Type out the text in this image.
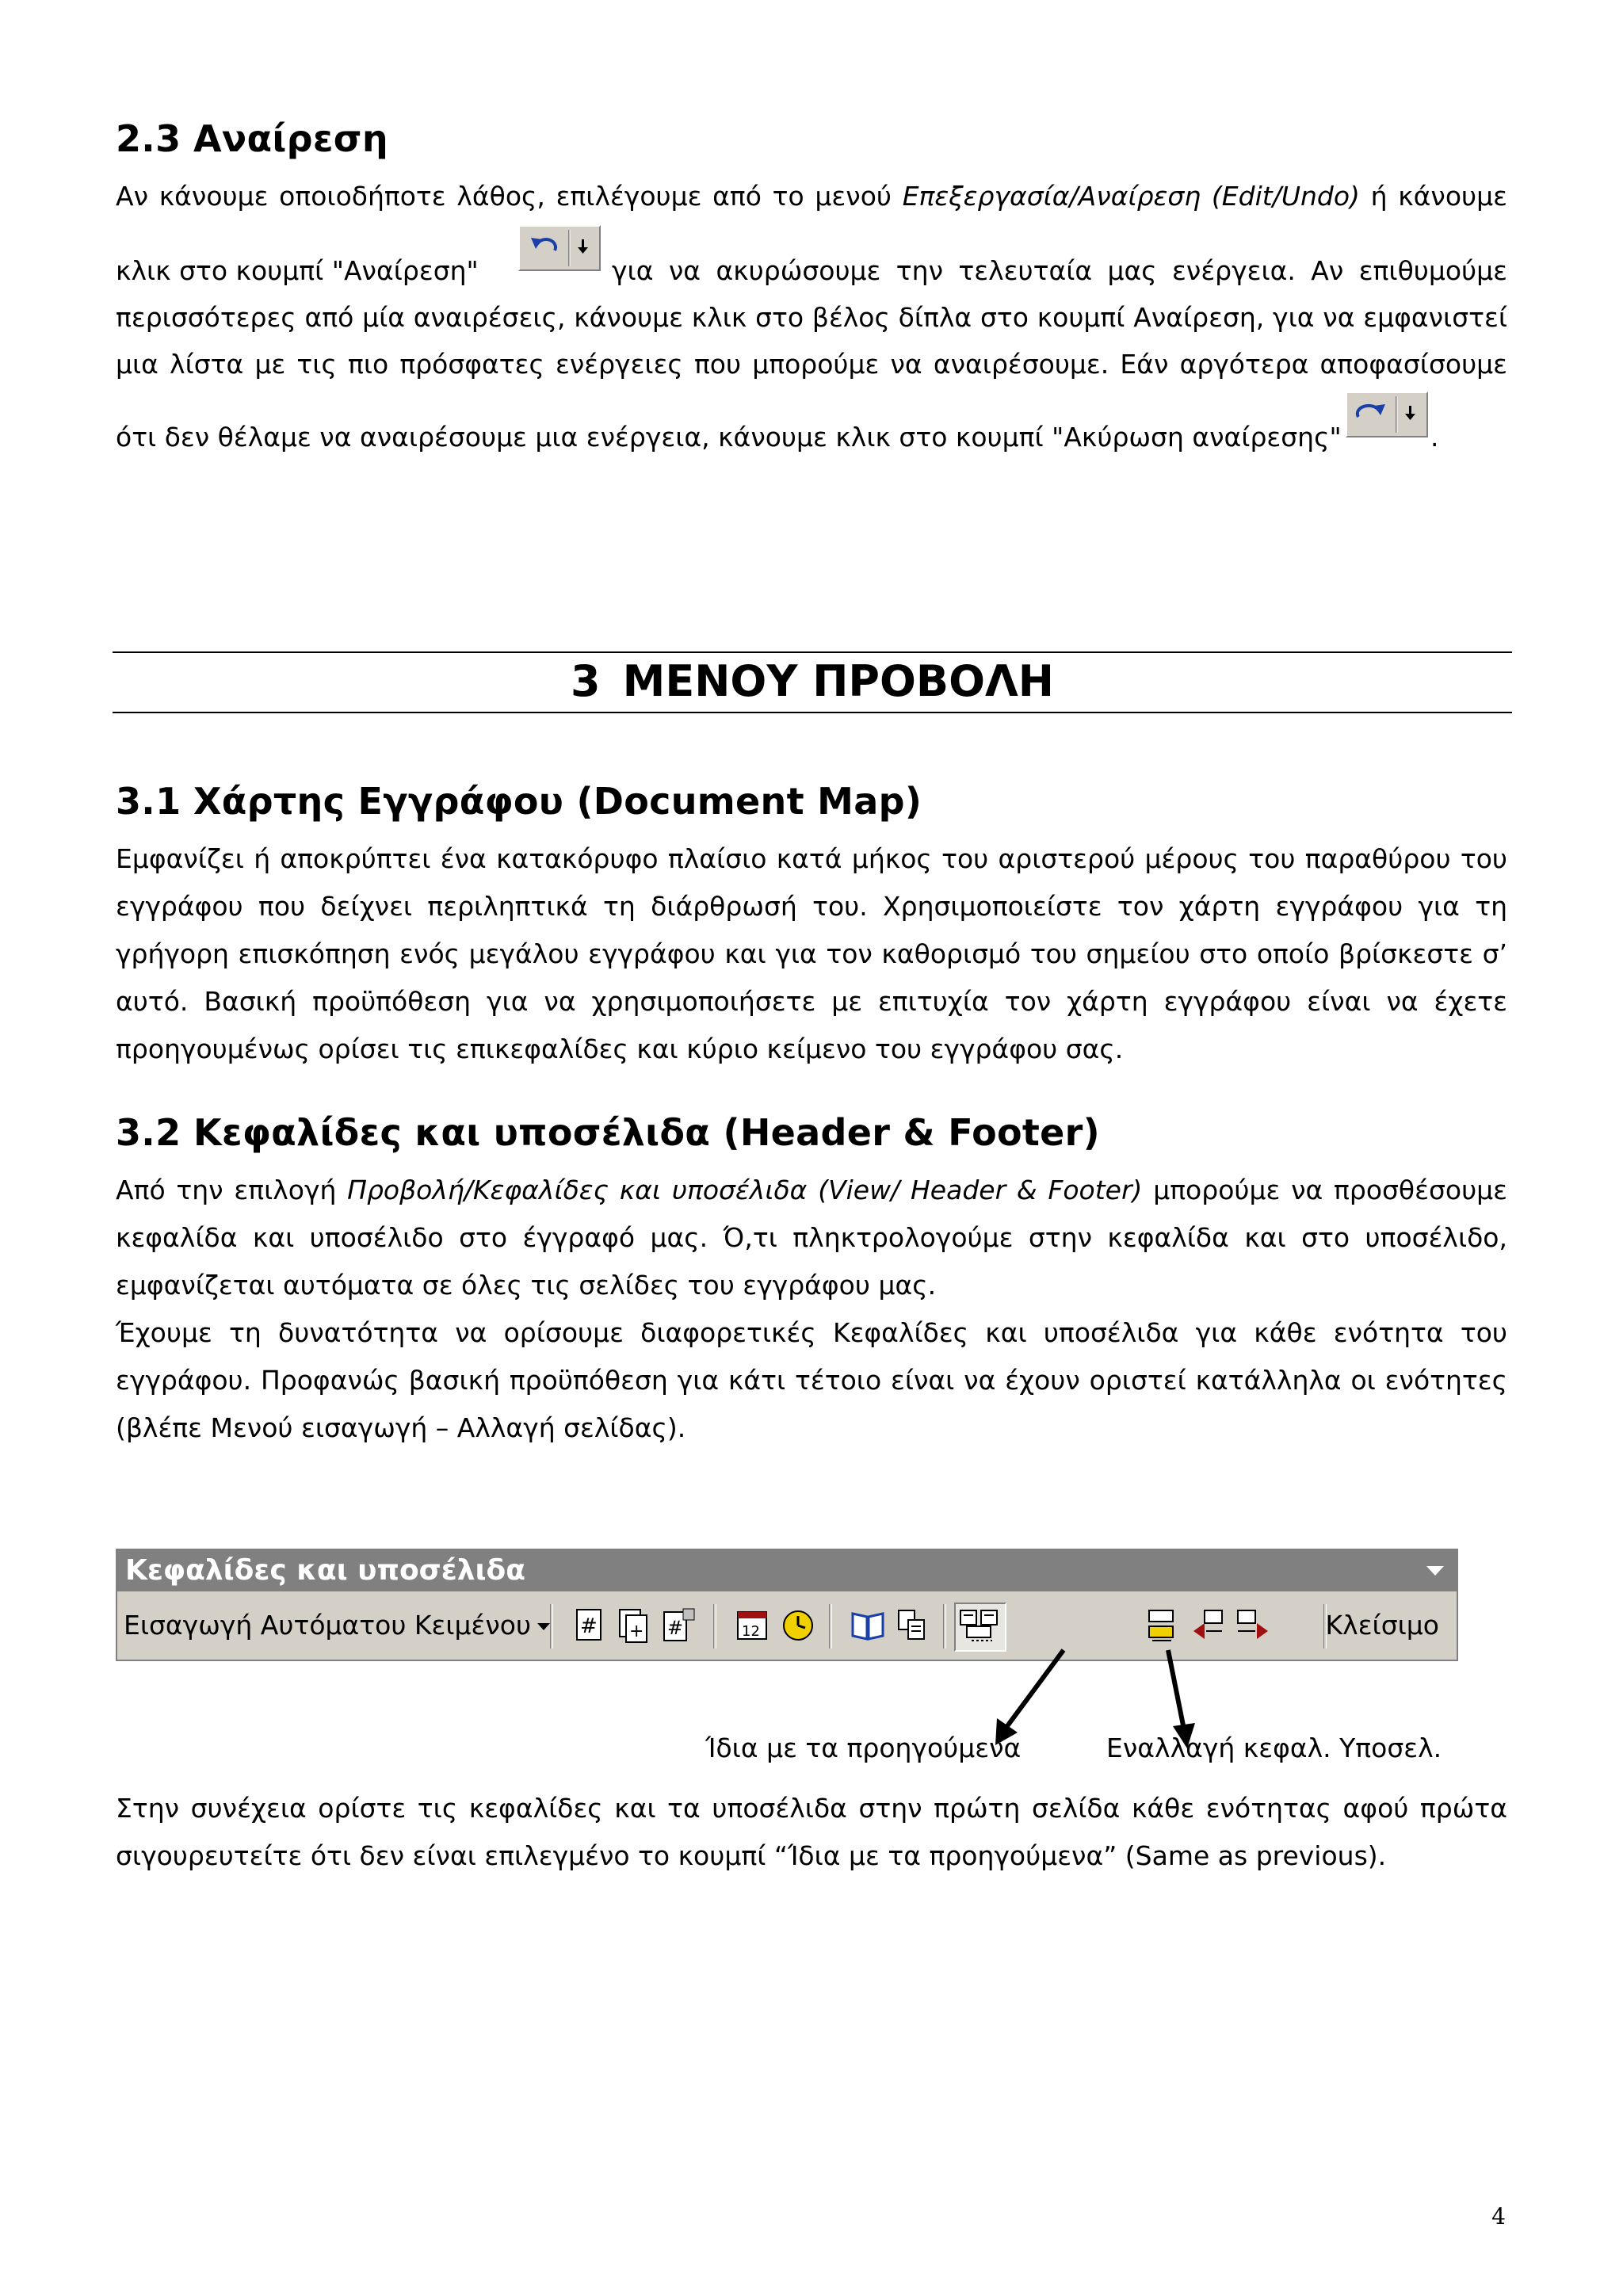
2.3 Αναίρεση

Αν κάνουμε οποιοδήποτε λάθος, επιλέγουμε από το μενού Επεξεργασία/Αναίρεση (Edit/Undo) ή κάνουμε

κλικ στο κουμπί "Αναίρεση"	για να ακυρώσουμε την τελευταία μας ενέργεια. Αν επιθυμούμε

περισσότερες από μία αναιρέσεις, κάνουμε κλικ στο βέλος δίπλα στο κουμπί Αναίρεση, για να εμφανιστεί

μια λίστα με τις πιο πρόσφατες ενέργειες που μπορούμε να αναιρέσουμε. Εάν αργότερα αποφασίσουμε

ότι δεν θέλαμε να αναιρέσουμε μια ενέργεια, κάνουμε κλικ στο κουμπί "Ακύρωση αναίρεσης"	.
3 ΜΕΝΟΥ ΠΡΟΒΟΛΗ
3.1 Χάρτης Εγγράφου (Document Map)

Εμφανίζει ή αποκρύπτει ένα κατακόρυφο πλαίσιο κατά μήκος του αριστερού μέρους του παραθύρου του

εγγράφου που δείχνει περιληπτικά τη διάρθρωσή του. Χρησιμοποιείστε τον χάρτη εγγράφου για τη

γρήγορη επισκόπηση ενός μεγάλου εγγράφου και για τον καθορισμό του σημείου στο οποίο βρίσκεστε σ’

αυτό. Βασική προϋπόθεση για να χρησιμοποιήσετε με επιτυχία τον χάρτη εγγράφου είναι να έχετε

προηγουμένως ορίσει τις επικεφαλίδες και κύριο κείμενο του εγγράφου σας.

3.2 Κεφαλίδες και υποσέλιδα (Header & Footer)

Από την επιλογή Προβολή/Κεφαλίδες και υποσέλιδα (View/ Header & Footer) μπορούμε να προσθέσουμε

κεφαλίδα και υποσέλιδο στο έγγραφό μας. Ό,τι πληκτρολογούμε στην κεφαλίδα και στο υποσέλιδο,

εμφανίζεται αυτόματα σε όλες τις σελίδες του εγγράφου μας.

Έχουμε τη δυνατότητα να ορίσουμε διαφορετικές Κεφαλίδες και υποσέλιδα για κάθε ενότητα του

εγγράφου. Προφανώς βασική προϋπόθεση για κάτι τέτοιο είναι να έχουν οριστεί κατάλληλα οι ενότητες

(βλέπε Μενού εισαγωγή – Αλλαγή σελίδας).

Κεφαλίδες και υποσέλιδα
Εισαγωγή Αυτόματου Κειμένου	# + #	12	Κλείσιμο
Ίδια με τα προηγούμενα	Εναλλαγή κεφαλ. Υποσελ.

Στην συνέχεια ορίστε τις κεφαλίδες και τα υποσέλιδα στην πρώτη σελίδα κάθε ενότητας αφού πρώτα

σιγουρευτείτε ότι δεν είναι επιλεγμένο το κουμπί “Ίδια με τα προηγούμενα” (Same as previous).

4
